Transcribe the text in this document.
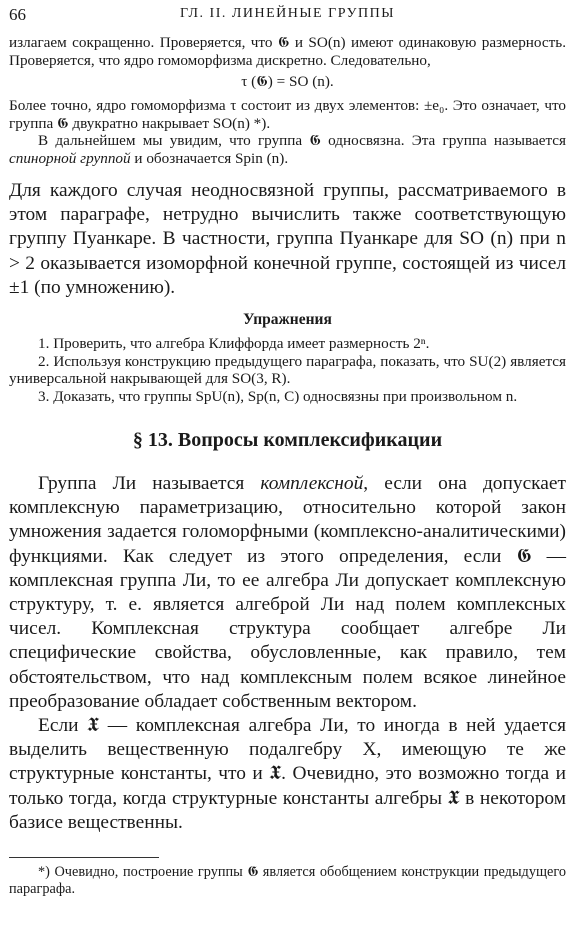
66	ГЛ. II. ЛИНЕЙНЫЕ ГРУППЫ

излагаем сокращенно. Проверяется, что 𝕲 и SO(n) имеют одинаковую размерность. Проверяется, что ядро гомоморфизма дискретно. Следовательно,

τ (𝕲) = SO (n).

Более точно, ядро гомоморфизма τ состоит из двух элементов: ±e₀. Это означает, что группа 𝕲 двукратно накрывает SO(n) *).

В дальнейшем мы увидим, что группа 𝕲 односвязна. Эта группа называется спинорной группой и обозначается Spin (n).

Для каждого случая неодносвязной группы, рассматриваемого в этом параграфе, нетрудно вычислить также соответствующую группу Пуанкаре. В частности, группа Пуанкаре для SO (n) при n > 2 оказывается изоморфной конечной группе, состоящей из чисел ±1 (по умножению).

Упражнения

1. Проверить, что алгебра Клиффорда имеет размерность 2ⁿ.

2. Используя конструкцию предыдущего параграфа, показать, что SU(2) является универсальной накрывающей для SO(3, R).

3. Доказать, что группы SpU(n), Sp(n, C) односвязны при произвольном n.

§ 13. Вопросы комплексификации

Группа Ли называется комплексной, если она допускает комплексную параметризацию, относительно которой закон умножения задается голоморфными (комплексно-аналитическими) функциями. Как следует из этого определения, если 𝕲 — комплексная группа Ли, то ее алгебра Ли допускает комплексную структуру, т. е. является алгеброй Ли над полем комплексных чисел. Комплексная структура сообщает алгебре Ли специфические свойства, обусловленные, как правило, тем обстоятельством, что над комплексным полем всякое линейное преобразование обладает собственным вектором.

Если 𝖃 — комплексная алгебра Ли, то иногда в ней удается выделить вещественную подалгебру X, имеющую те же структурные константы, что и 𝖃. Очевидно, это возможно тогда и только тогда, когда структурные константы алгебры 𝖃 в некотором базисе вещественны.

*) Очевидно, построение группы 𝕲 является обобщением конструкции предыдущего параграфа.
